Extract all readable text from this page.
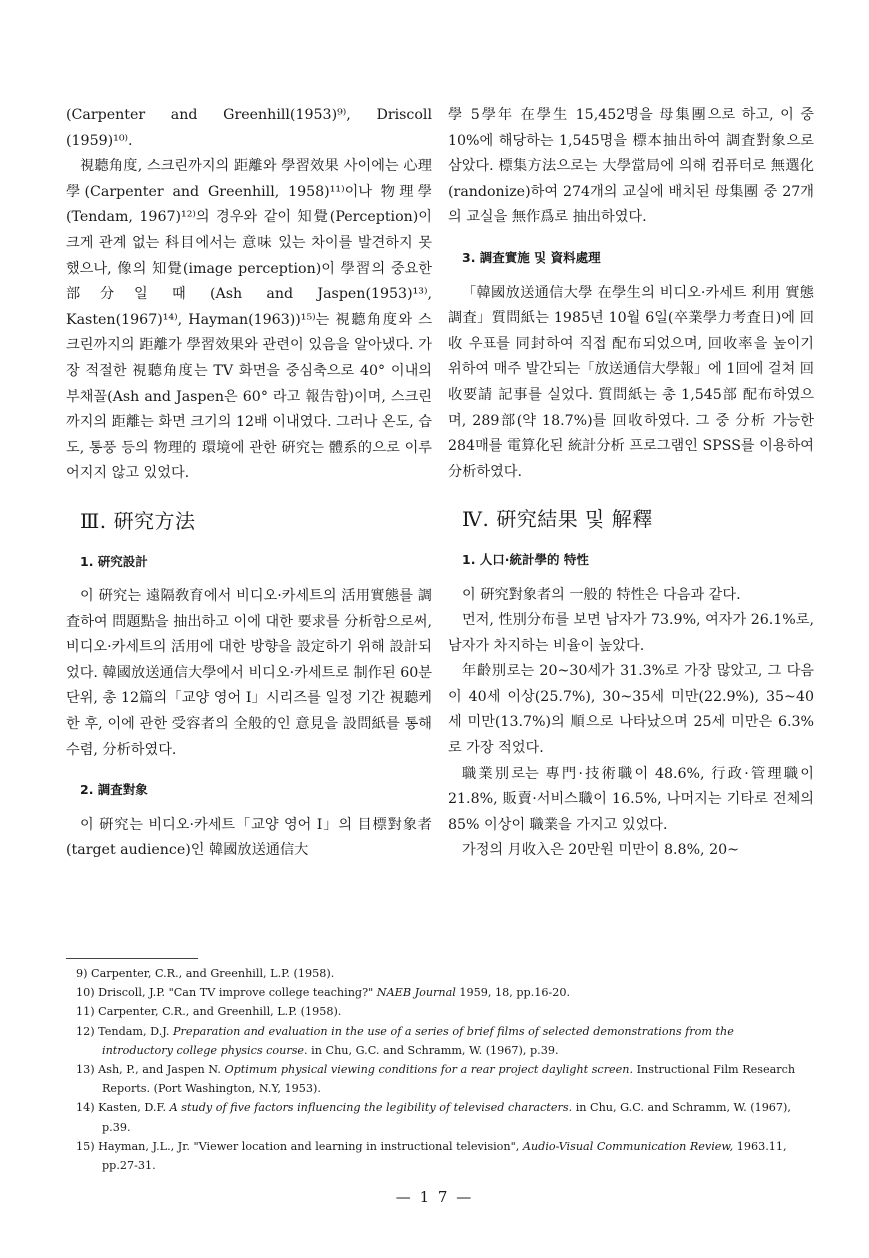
(Carpenter and Greenhill(1953)⁹⁾, Driscoll (1959)¹⁰⁾.

視聽角度, 스크린까지의 距離와 學習效果 사이에는 心理學(Carpenter and Greenhill, 1958)¹¹⁾이나 物理學(Tendam, 1967)¹²⁾의 경우와 같이 知覺(Perception)이 크게 관계 없는 科目에서는 意味 있는 차이를 발견하지 못했으나, 像의 知覺(image perception)이 學習의 중요한 部分일 때 (Ash and Jaspen(1953)¹³⁾, Kasten(1967)¹⁴⁾, Hayman(1963))¹⁵⁾는 視聽角度와 스크린까지의 距離가 學習效果와 관련이 있음을 알아냈다. 가장 적절한 視聽角度는 TV 화면을 중심축으로 40° 이내의 부채꼴(Ash and Jaspen은 60° 라고 報告함)이며, 스크린까지의 距離는 화면 크기의 12배 이내였다. 그러나 온도, 습도, 통풍 등의 物理的 環境에 관한 硏究는 體系的으로 이루어지지 않고 있었다.

Ⅲ. 硏究方法
1. 硏究設計

이 硏究는 遠隔敎育에서 비디오·카세트의 活用實態를 調査하여 問題點을 抽出하고 이에 대한 要求를 分析함으로써, 비디오·카세트의 活用에 대한 방향을 設定하기 위해 設計되었다. 韓國放送通信大學에서 비디오·카세트로 制作된 60분 단위, 총 12篇의「교양 영어 Ⅰ」시리즈를 일정 기간 視聽케 한 후, 이에 관한 受容者의 全般的인 意見을 設問紙를 통해 수렴, 分析하였다.

2. 調査對象

이 硏究는 비디오·카세트「교양 영어 Ⅰ」의 目標對象者(target audience)인 韓國放送通信大

學 5學年 在學生 15,452명을 母集團으로 하고, 이 중 10%에 해당하는 1,545명을 標本抽出하여 調査對象으로 삼았다. 標集方法으로는 大學當局에 의해 컴퓨터로 無選化(randonize)하여 274개의 교실에 배치된 母集團 중 27개의 교실을 無作爲로 抽出하였다.

3. 調査實施 및 資料處理

「韓國放送通信大學 在學生의 비디오·카세트 利用 實態調査」質問紙는 1985년 10월 6일(卒業學力考査日)에 回收 우표를 同封하여 직접 配布되었으며, 回收率을 높이기 위하여 매주 발간되는「放送通信大學報」에 1回에 걸쳐 回收要請 記事를 실었다. 質問紙는 총 1,545部 配布하였으며, 289部(약 18.7%)를 回收하였다. 그 중 分析 가능한 284매를 電算化된 統計分析 프로그램인 SPSS를 이용하여 分析하였다.

Ⅳ. 硏究結果 및 解釋
1. 人口·統計學的 特性

이 硏究對象者의 一般的 特性은 다음과 같다.

먼저, 性別分布를 보면 남자가 73.9%, 여자가 26.1%로, 남자가 차지하는 비율이 높았다.

年齡別로는 20~30세가 31.3%로 가장 많았고, 그 다음이 40세 이상(25.7%), 30~35세 미만(22.9%), 35~40세 미만(13.7%)의 順으로 나타났으며 25세 미만은 6.3%로 가장 적었다.

職業別로는 專門·技術職이 48.6%, 行政·管理職이 21.8%, 販賣·서비스職이 16.5%, 나머지는 기타로 전체의 85% 이상이 職業을 가지고 있었다.

가정의 月收入은 20만원 미만이 8.8%, 20~

9) Carpenter, C.R., and Greenhill, L.P. (1958).

10) Driscoll, J.P. "Can TV improve college teaching?" NAEB Journal 1959, 18, pp.16-20.

11) Carpenter, C.R., and Greenhill, L.P. (1958).

12) Tendam, D.J. Preparation and evaluation in the use of a series of brief films of selected demonstrations from the introductory college physics course. in Chu, G.C. and Schramm, W. (1967), p.39.

13) Ash, P., and Jaspen N. Optimum physical viewing conditions for a rear project daylight screen. Instructional Film Research Reports. (Port Washington, N.Y, 1953).

14) Kasten, D.F. A study of five factors influencing the legibility of televised characters. in Chu, G.C. and Schramm, W. (1967), p.39.

15) Hayman, J.L., Jr. "Viewer location and learning in instructional television", Audio-Visual Communication Review, 1963.11, pp.27-31.

— 1 7 —
